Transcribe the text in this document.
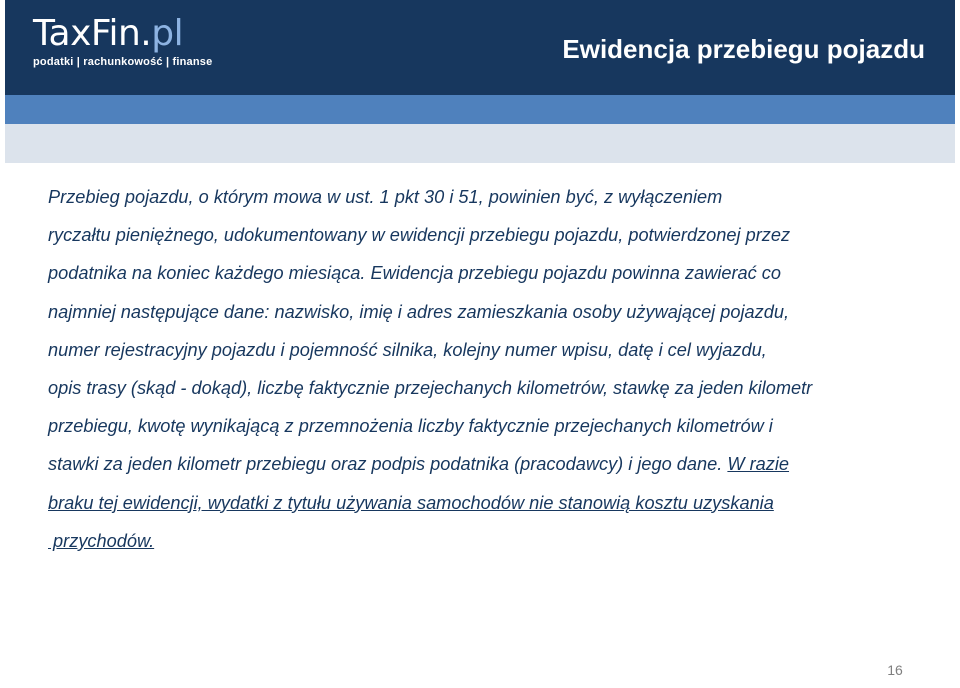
TaxFin. pl
podatki | rachunkowość | finanse	Ewidencja przebiegu pojazdu
Przebieg pojazdu, o którym mowa w ust. 1 pkt 30 i 51, powinien być, z wyłączeniem
ryczałtu pieniężnego, udokumentowany w ewidencji przebiegu pojazdu, potwierdzonej przez
podatnika na koniec każdego miesiąca. Ewidencja przebiegu pojazdu powinna zawierać co
najmniej następujące dane: nazwisko, imię i adres zamieszkania osoby używającej pojazdu,
numer rejestracyjny pojazdu i pojemność silnika, kolejny numer wpisu, datę i cel wyjazdu,
opis trasy (skąd - dokąd), liczbę faktycznie przejechanych kilometrów, stawkę za jeden kilometr
przebiegu, kwotę wynikającą z przemnożenia liczby faktycznie przejechanych kilometrów i
stawki za jeden kilometr przebiegu oraz podpis podatnika (pracodawcy) i jego dane. W razie
braku tej ewidencji, wydatki z tytułu używania samochodów nie stanowią kosztu uzyskania
przychodów.
16
